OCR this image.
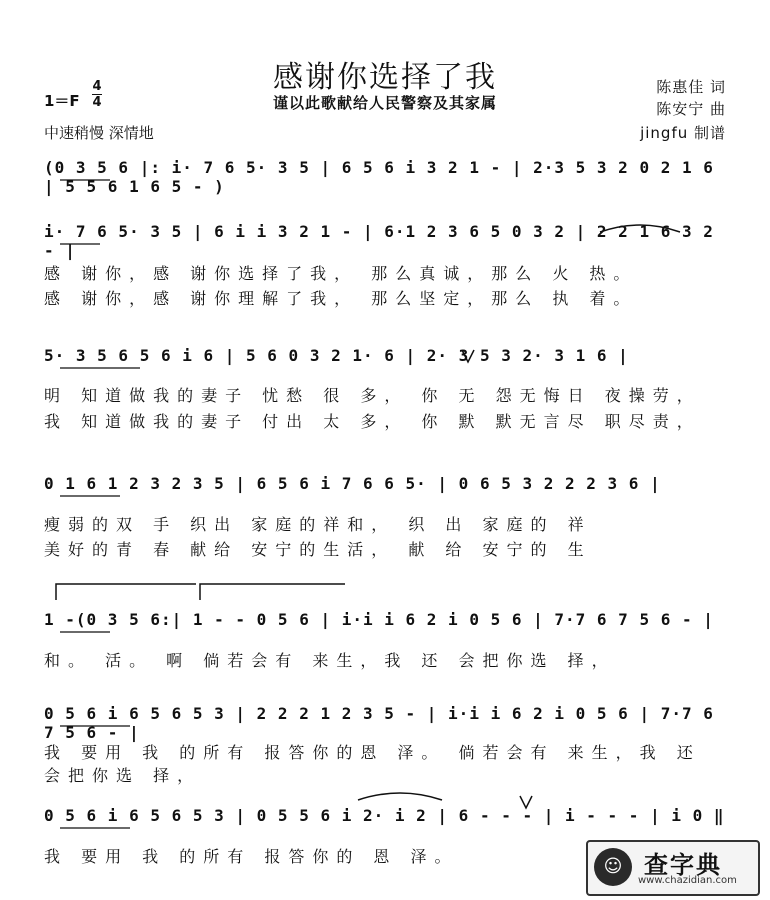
感谢你选择了我
谨以此歌献给人民警察及其家属
1＝F
4
4
中速稍慢 深情地
陈惠佳 词
陈安宁 曲
jingfu 制谱
(0 3 5 6 |: i· 7 6 5· 3 5 | 6 5 6 i 3 2 1 - | 2·3 5 3 2 0 2 1 6 | 5 5 6 1 6 5 - )
i· 7 6 5· 3 5 | 6 i i 3 2 1 - | 6·1 2 3 6 5 0 3 2 | 2 2 1 6 3 2 - |
感 谢你，感 谢你选择了我， 那么真诚，那么 火 热。
感 谢你，感 谢你理解了我， 那么坚定，那么 执 着。
5· 3 5 6 5 6 i 6 | 5 6 0 3 2 1· 6 | 2· 3 5 3 2· 3 1 6 |
明 知道做我的妻子 忧愁 很 多， 你 无 怨无悔日 夜操劳，
我 知道做我的妻子 付出 太 多， 你 默 默无言尽 职尽责，
0 1 6 1 2 3 2 3 5 | 6 5 6 i 7 6 6 5· | 0 6 5 3 2 2 2 3 6 |
瘦弱的双 手 织出 家庭的祥和， 织 出 家庭的 祥
美好的青 春 献给 安宁的生活， 献 给 安宁的 生
1 -(0 3 5 6:| 1 - - 0 5 6 | i·i i 6 2 i 0 5 6 | 7·7 6 7 5 6 - |
和。 活。 啊 倘若会有 来生，我 还 会把你选 择，
0 5 6 i 6 5 6 5 3 | 2 2 2 1 2 3 5 - | i·i i 6 2 i 0 5 6 | 7·7 6 7 5 6 - |
我 要用 我 的所有 报答你的恩 泽。 倘若会有 来生，我 还 会把你选 择，
0 5 6 i 6 5 6 5 3 | 0 5 5 6 i 2· i 2 | 6 - - - | i - - - | i 0 ‖
我 要用 我 的所有 报答你的 恩 泽。	☺ 查字典
www.chazidian.com
